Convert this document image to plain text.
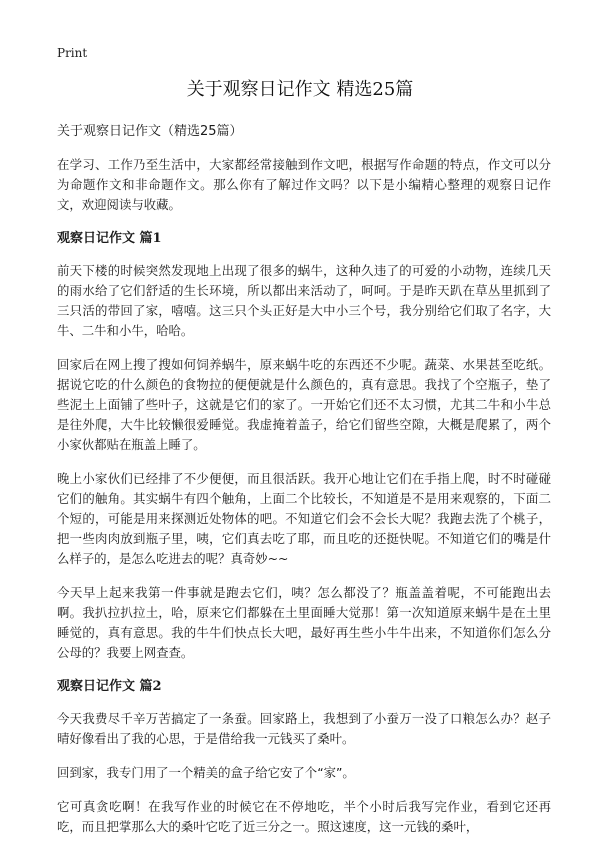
Print
关于观察日记作文 精选25篇
关于观察日记作文（精选25篇）

在学习、工作乃至生活中，大家都经常接触到作文吧，根据写作命题的特点，作文可以分为命题作文和非命题作文。那么你有了解过作文吗？以下是小编精心整理的观察日记作文，欢迎阅读与收藏。

观察日记作文 篇1

前天下楼的时候突然发现地上出现了很多的蜗牛，这种久违了的可爱的小动物，连续几天的雨水给了它们舒适的生长环境，所以都出来活动了，呵呵。于是昨天趴在草丛里抓到了三只活的带回了家，嘻嘻。这三只个头正好是大中小三个号，我分别给它们取了名字，大牛、二牛和小牛，哈哈。

回家后在网上搜了搜如何饲养蜗牛，原来蜗牛吃的东西还不少呢。蔬菜、水果甚至吃纸。据说它吃的什么颜色的食物拉的便便就是什么颜色的，真有意思。我找了个空瓶子，垫了些泥土上面铺了些叶子，这就是它们的家了。一开始它们还不太习惯，尤其二牛和小牛总是往外爬，大牛比较懒很爱睡觉。我虚掩着盖子，给它们留些空隙，大概是爬累了，两个小家伙都贴在瓶盖上睡了。

晚上小家伙们已经排了不少便便，而且很活跃。我开心地让它们在手指上爬，时不时碰碰它们的触角。其实蜗牛有四个触角，上面二个比较长，不知道是不是用来观察的，下面二个短的，可能是用来探测近处物体的吧。不知道它们会不会长大呢？我跑去洗了个桃子，把一些肉肉放到瓶子里，咦，它们真去吃了耶，而且吃的还挺快呢。不知道它们的嘴是什么样子的，是怎么吃进去的呢？真奇妙~~

今天早上起来我第一件事就是跑去它们，咦？怎么都没了？瓶盖盖着呢，不可能跑出去啊。我扒拉扒拉土，哈，原来它们都躲在土里面睡大觉那！第一次知道原来蜗牛是在土里睡觉的，真有意思。我的牛牛们快点长大吧，最好再生些小牛牛出来，不知道你们怎么分公母的？我要上网查查。

观察日记作文 篇2

今天我费尽千辛万苦搞定了一条蚕。回家路上，我想到了小蚕万一没了口粮怎么办？赵子晴好像看出了我的心思，于是借给我一元钱买了桑叶。

回到家，我专门用了一个精美的盒子给它安了个“家”。

它可真贪吃啊！在我写作业的时候它在不停地吃，半个小时后我写完作业，看到它还再吃，而且把掌那么大的桑叶它吃了近三分之一。照这速度，这一元钱的桑叶，
